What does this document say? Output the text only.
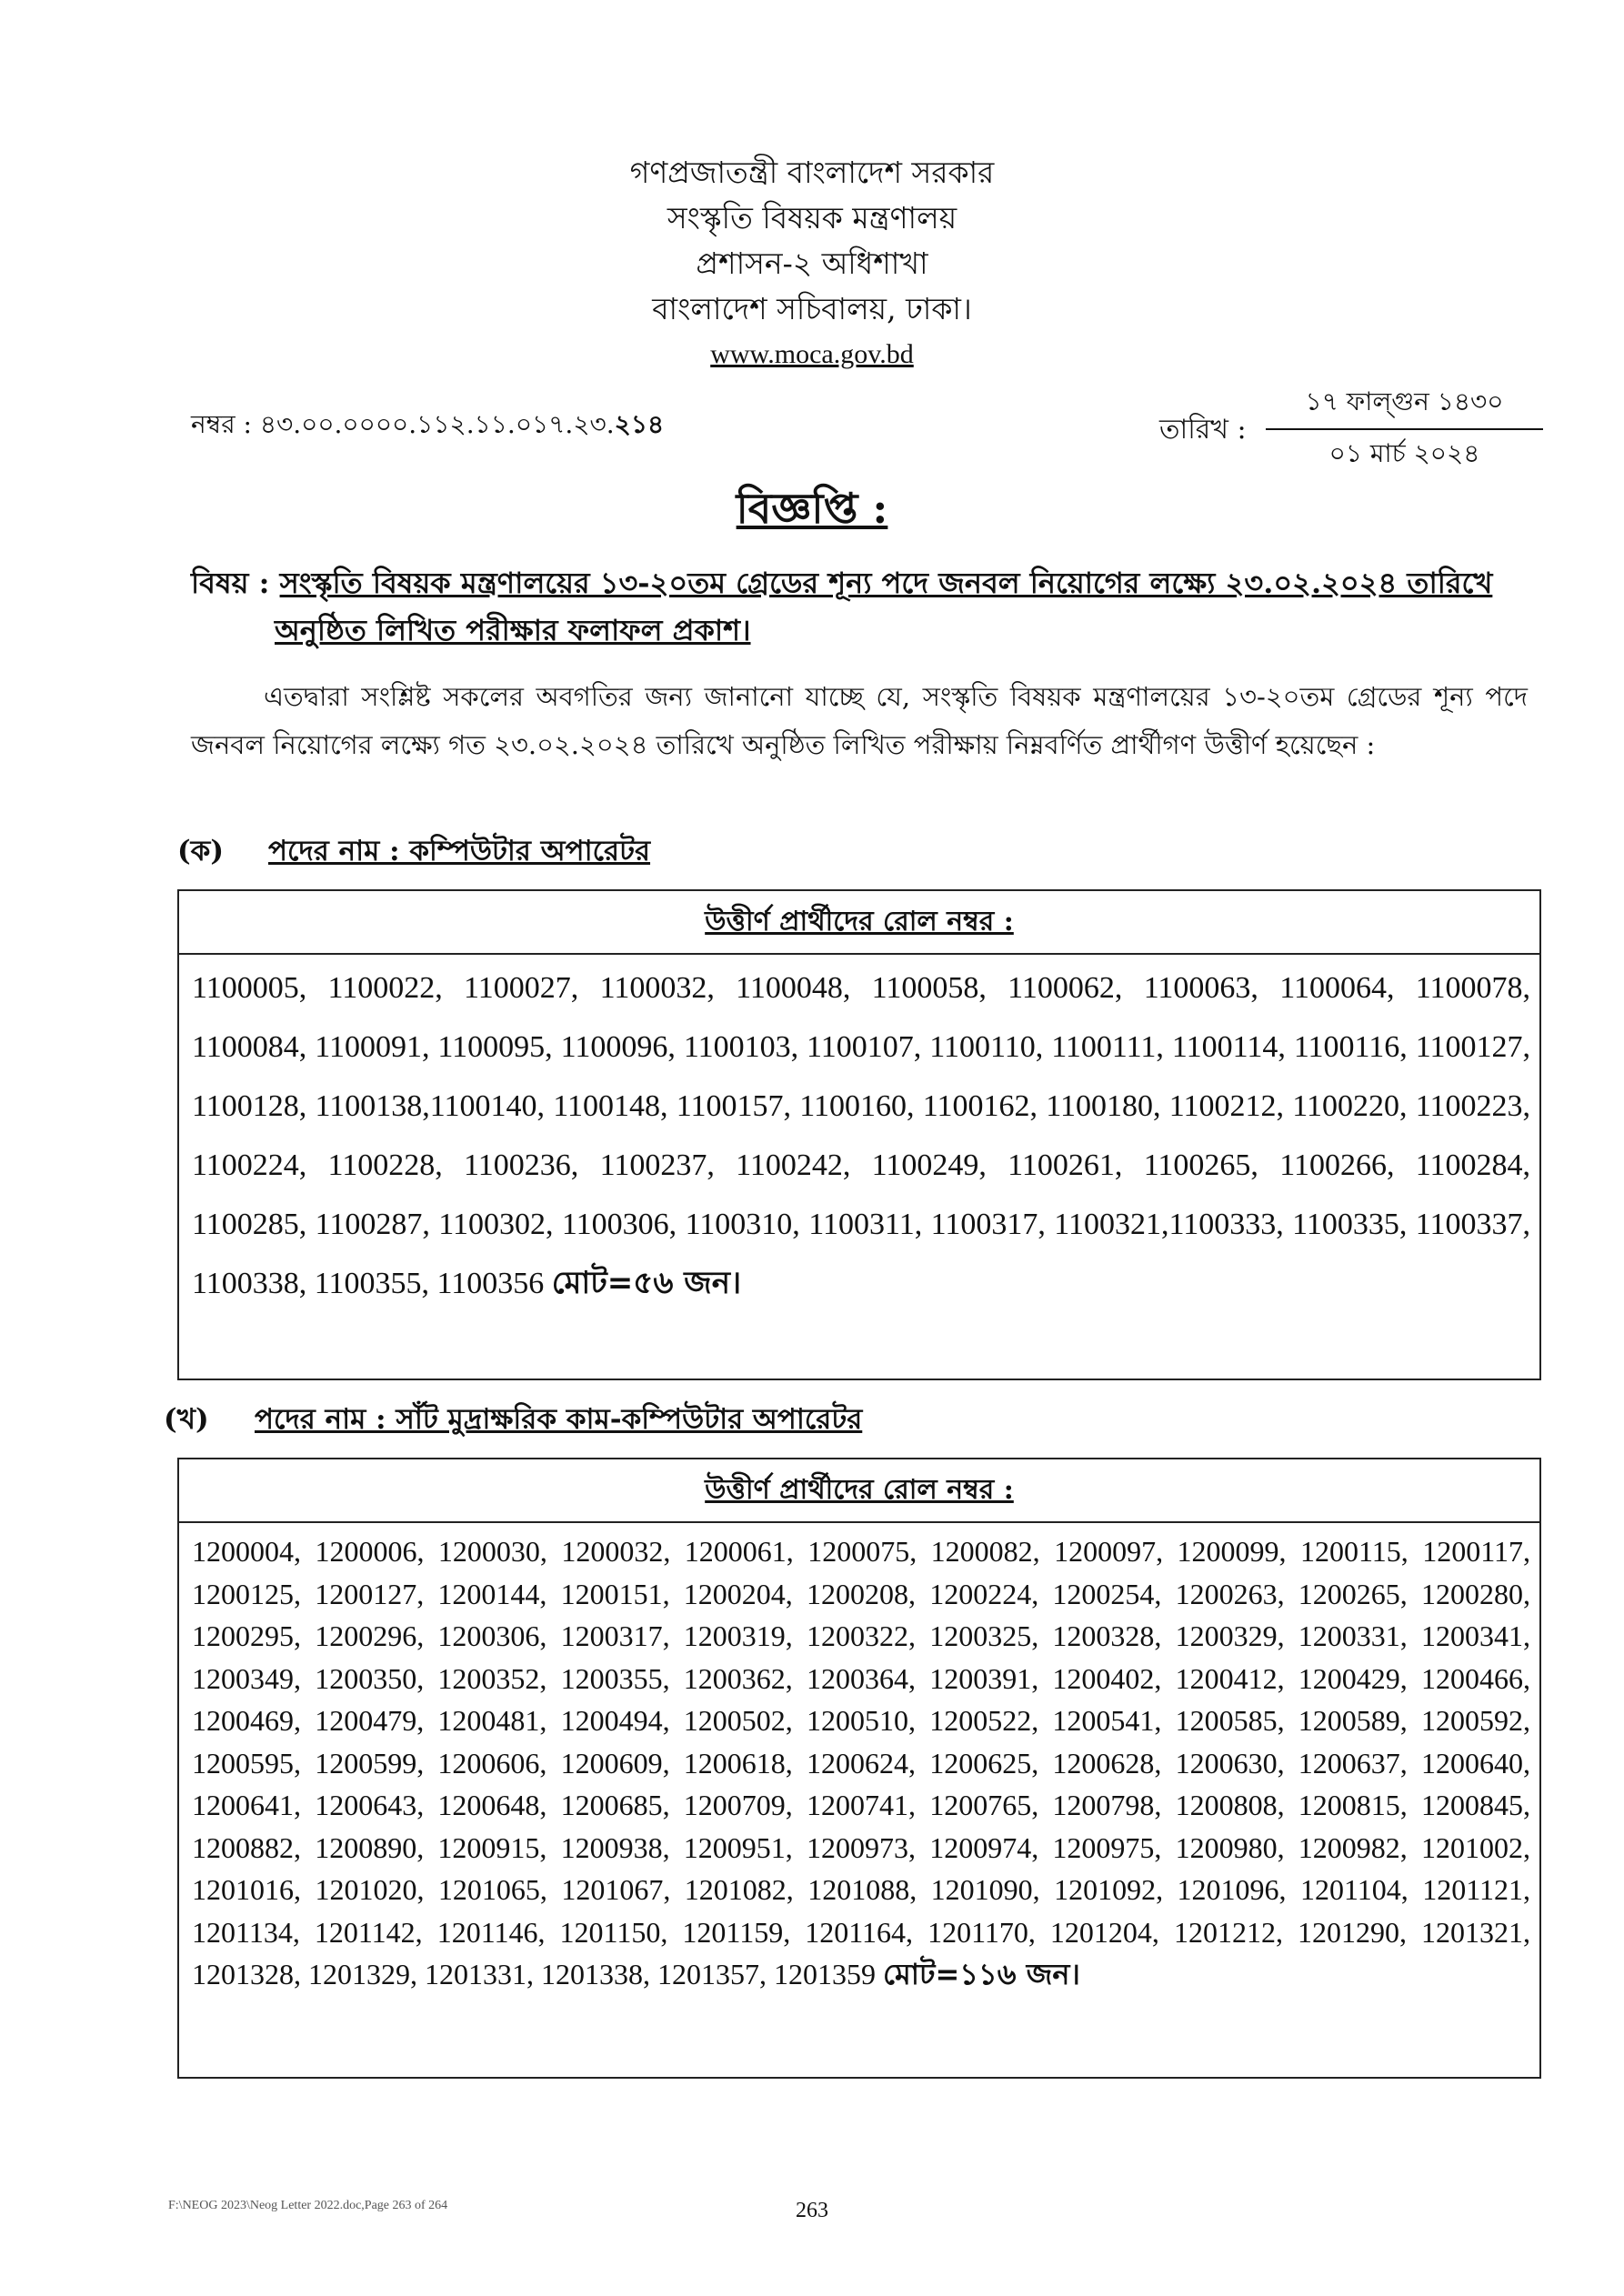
গণপ্রজাতন্ত্রী বাংলাদেশ সরকার
সংস্কৃতি বিষয়ক মন্ত্রণালয়
প্রশাসন-২ অধিশাখা
বাংলাদেশ সচিবালয়, ঢাকা।
www.moca.gov.bd
নম্বর : ৪৩.০০.০০০০.১১২.১১.০১৭.২৩.২১৪	তারিখ :
১৭ ফাল্গুন ১৪৩০
০১ মার্চ ২০২৪
বিজ্ঞপ্তি :
বিষয় : সংস্কৃতি বিষয়ক মন্ত্রণালয়ের ১৩-২০তম গ্রেডের শূন্য পদে জনবল নিয়োগের লক্ষ্যে ২৩.০২.২০২৪ তারিখে
অনুষ্ঠিত লিখিত পরীক্ষার ফলাফল প্রকাশ।
এতদ্বারা সংশ্লিষ্ট সকলের অবগতির জন্য জানানো যাচ্ছে যে, সংস্কৃতি বিষয়ক মন্ত্রণালয়ের ১৩-২০তম গ্রেডের শূন্য পদে জনবল নিয়োগের লক্ষ্যে গত ২৩.০২.২০২৪ তারিখে অনুষ্ঠিত লিখিত পরীক্ষায় নিম্নবর্ণিত প্রার্থীগণ উত্তীর্ণ হয়েছেন :
(ক) পদের নাম : কম্পিউটার অপারেটর
উত্তীর্ণ প্রার্থীদের রোল নম্বর :
1100005, 1100022, 1100027, 1100032, 1100048, 1100058, 1100062, 1100063, 1100064, 1100078, 1100084, 1100091, 1100095, 1100096, 1100103, 1100107, 1100110, 1100111, 1100114, 1100116, 1100127, 1100128, 1100138,1100140, 1100148, 1100157, 1100160, 1100162, 1100180, 1100212, 1100220, 1100223, 1100224, 1100228, 1100236, 1100237, 1100242, 1100249, 1100261, 1100265, 1100266, 1100284, 1100285, 1100287, 1100302, 1100306, 1100310, 1100311, 1100317, 1100321,1100333, 1100335, 1100337, 1100338, 1100355, 1100356 মোট=৫৬ জন।
(খ) পদের নাম : সাঁট মুদ্রাক্ষরিক কাম-কম্পিউটার অপারেটর
উত্তীর্ণ প্রার্থীদের রোল নম্বর :
1200004, 1200006, 1200030, 1200032, 1200061, 1200075, 1200082, 1200097, 1200099, 1200115, 1200117, 1200125, 1200127, 1200144, 1200151, 1200204, 1200208, 1200224, 1200254, 1200263, 1200265, 1200280, 1200295, 1200296, 1200306, 1200317, 1200319, 1200322, 1200325, 1200328, 1200329, 1200331, 1200341, 1200349, 1200350, 1200352, 1200355, 1200362, 1200364, 1200391, 1200402, 1200412, 1200429, 1200466, 1200469, 1200479, 1200481, 1200494, 1200502, 1200510, 1200522, 1200541, 1200585, 1200589, 1200592, 1200595, 1200599, 1200606, 1200609, 1200618, 1200624, 1200625, 1200628, 1200630, 1200637, 1200640, 1200641, 1200643, 1200648, 1200685, 1200709, 1200741, 1200765, 1200798, 1200808, 1200815, 1200845, 1200882, 1200890, 1200915, 1200938, 1200951, 1200973, 1200974, 1200975, 1200980, 1200982, 1201002, 1201016, 1201020, 1201065, 1201067, 1201082, 1201088, 1201090, 1201092, 1201096, 1201104, 1201121, 1201134, 1201142, 1201146, 1201150, 1201159, 1201164, 1201170, 1201204, 1201212, 1201290, 1201321, 1201328, 1201329, 1201331, 1201338, 1201357, 1201359 মোট=১১৬ জন।
F:\NEOG 2023\Neog Letter 2022.doc,Page 263 of 264	263
